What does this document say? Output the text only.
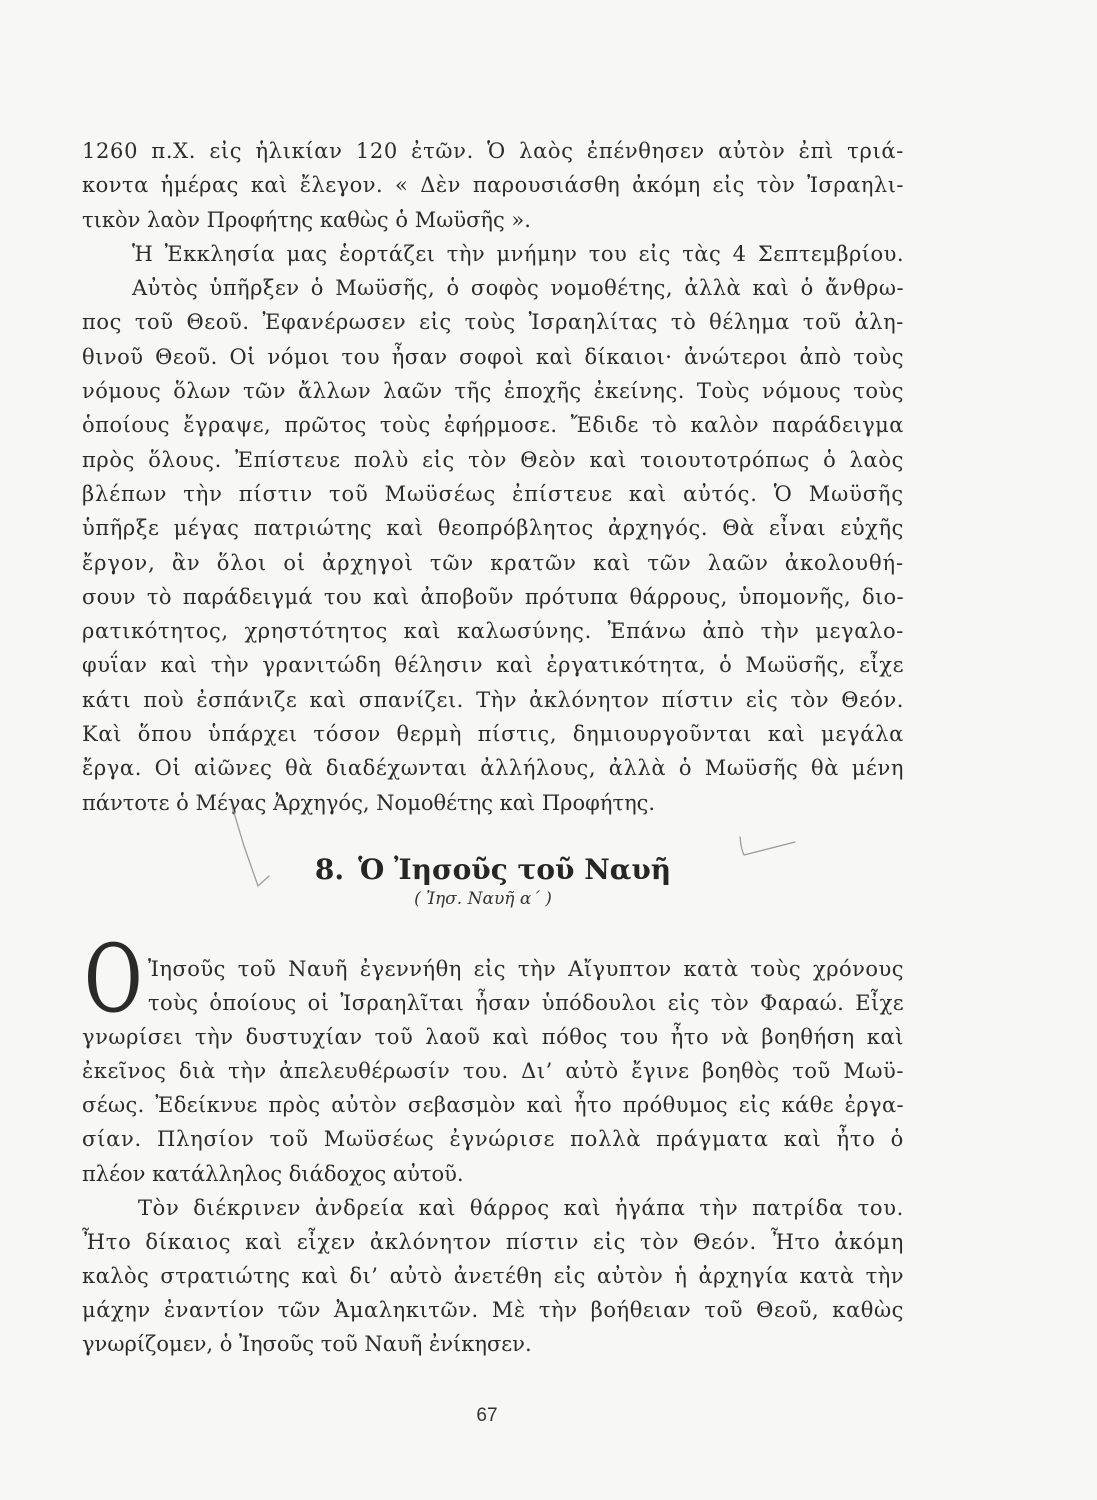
1260 π.Χ. εἰς ἡλικίαν 120 ἐτῶν. Ὁ λαὸς ἐπένθησεν αὐτὸν ἐπὶ τριά-
κοντα ἡμέρας καὶ ἔλεγον. « Δὲν παρουσιάσθη ἀκόμη εἰς τὸν Ἰσραηλι-
τικὸν λαὸν Προφήτης καθὼς ὁ Μωϋσῆς ».
Ἡ Ἐκκλησία μας ἑορτάζει τὴν μνήμην του εἰς τὰς 4 Σεπτεμβρίου.
Αὐτὸς ὑπῆρξεν ὁ Μωϋσῆς, ὁ σοφὸς νομοθέτης, ἀλλὰ καὶ ὁ ἄνθρω-
πος τοῦ Θεοῦ. Ἐφανέρωσεν εἰς τοὺς Ἰσραηλίτας τὸ θέλημα τοῦ ἀλη-
θινοῦ Θεοῦ. Οἱ νόμοι του ἦσαν σοφοὶ καὶ δίκαιοι· ἀνώτεροι ἀπὸ τοὺς
νόμους ὅλων τῶν ἄλλων λαῶν τῆς ἐποχῆς ἐκείνης. Τοὺς νόμους τοὺς
ὁποίους ἔγραψε, πρῶτος τοὺς ἐφήρμοσε. Ἔδιδε τὸ καλὸν παράδειγμα
πρὸς ὅλους. Ἐπίστευε πολὺ εἰς τὸν Θεὸν καὶ τοιουτοτρόπως ὁ λαὸς
βλέπων τὴν πίστιν τοῦ Μωϋσέως ἐπίστευε καὶ αὐτός. Ὁ Μωϋσῆς
ὑπῆρξε μέγας πατριώτης καὶ θεοπρόβλητος ἀρχηγός. Θὰ εἶναι εὐχῆς
ἔργον, ἂν ὅλοι οἱ ἀρχηγοὶ τῶν κρατῶν καὶ τῶν λαῶν ἀκολουθή-
σουν τὸ παράδειγμά του καὶ ἀποβοῦν πρότυπα θάρρους, ὑπομονῆς, διο-
ρατικότητος, χρηστότητος καὶ καλωσύνης. Ἐπάνω ἀπὸ τὴν μεγαλο-
φυΐαν καὶ τὴν γρανιτώδη θέλησιν καὶ ἐργατικότητα, ὁ Μωϋσῆς, εἶχε
κάτι ποὺ ἐσπάνιζε καὶ σπανίζει. Τὴν ἀκλόνητον πίστιν εἰς τὸν Θεόν.
Καὶ ὅπου ὑπάρχει τόσον θερμὴ πίστις, δημιουργοῦνται καὶ μεγάλα
ἔργα. Οἱ αἰῶνες θὰ διαδέχωνται ἀλλήλους, ἀλλὰ ὁ Μωϋσῆς θὰ μένη
πάντοτε ὁ Μέγας Ἀρχηγός, Νομοθέτης καὶ Προφήτης.
8. Ὁ Ἰησοῦς τοῦ Ναυῆ
( Ἰησ. Ναυῆ α΄ )
Ο Ἰησοῦς τοῦ Ναυῆ ἐγεννήθη εἰς τὴν Αἴγυπτον κατὰ τοὺς χρόνους
τοὺς ὁποίους οἱ Ἰσραηλῖται ἦσαν ὑπόδουλοι εἰς τὸν Φαραώ. Εἶχε
γνωρίσει τὴν δυστυχίαν τοῦ λαοῦ καὶ πόθος του ἦτο νὰ βοηθήση καὶ
ἐκεῖνος διὰ τὴν ἀπελευθέρωσίν του. Δι’ αὐτὸ ἔγινε βοηθὸς τοῦ Μωϋ-
σέως. Ἐδείκνυε πρὸς αὐτὸν σεβασμὸν καὶ ἦτο πρόθυμος εἰς κάθε ἐργα-
σίαν. Πλησίον τοῦ Μωϋσέως ἐγνώρισε πολλὰ πράγματα καὶ ἦτο ὁ
πλέον κατάλληλος διάδοχος αὐτοῦ.
Τὸν διέκρινεν ἀνδρεία καὶ θάρρος καὶ ἠγάπα τὴν πατρίδα του.
Ἦτο δίκαιος καὶ εἶχεν ἀκλόνητον πίστιν εἰς τὸν Θεόν. Ἦτο ἀκόμη
καλὸς στρατιώτης καὶ δι’ αὐτὸ ἀνετέθη εἰς αὐτὸν ἡ ἀρχηγία κατὰ τὴν
μάχην ἐναντίον τῶν Ἀμαληκιτῶν. Μὲ τὴν βοήθειαν τοῦ Θεοῦ, καθὼς
γνωρίζομεν, ὁ Ἰησοῦς τοῦ Ναυῆ ἐνίκησεν.
67
